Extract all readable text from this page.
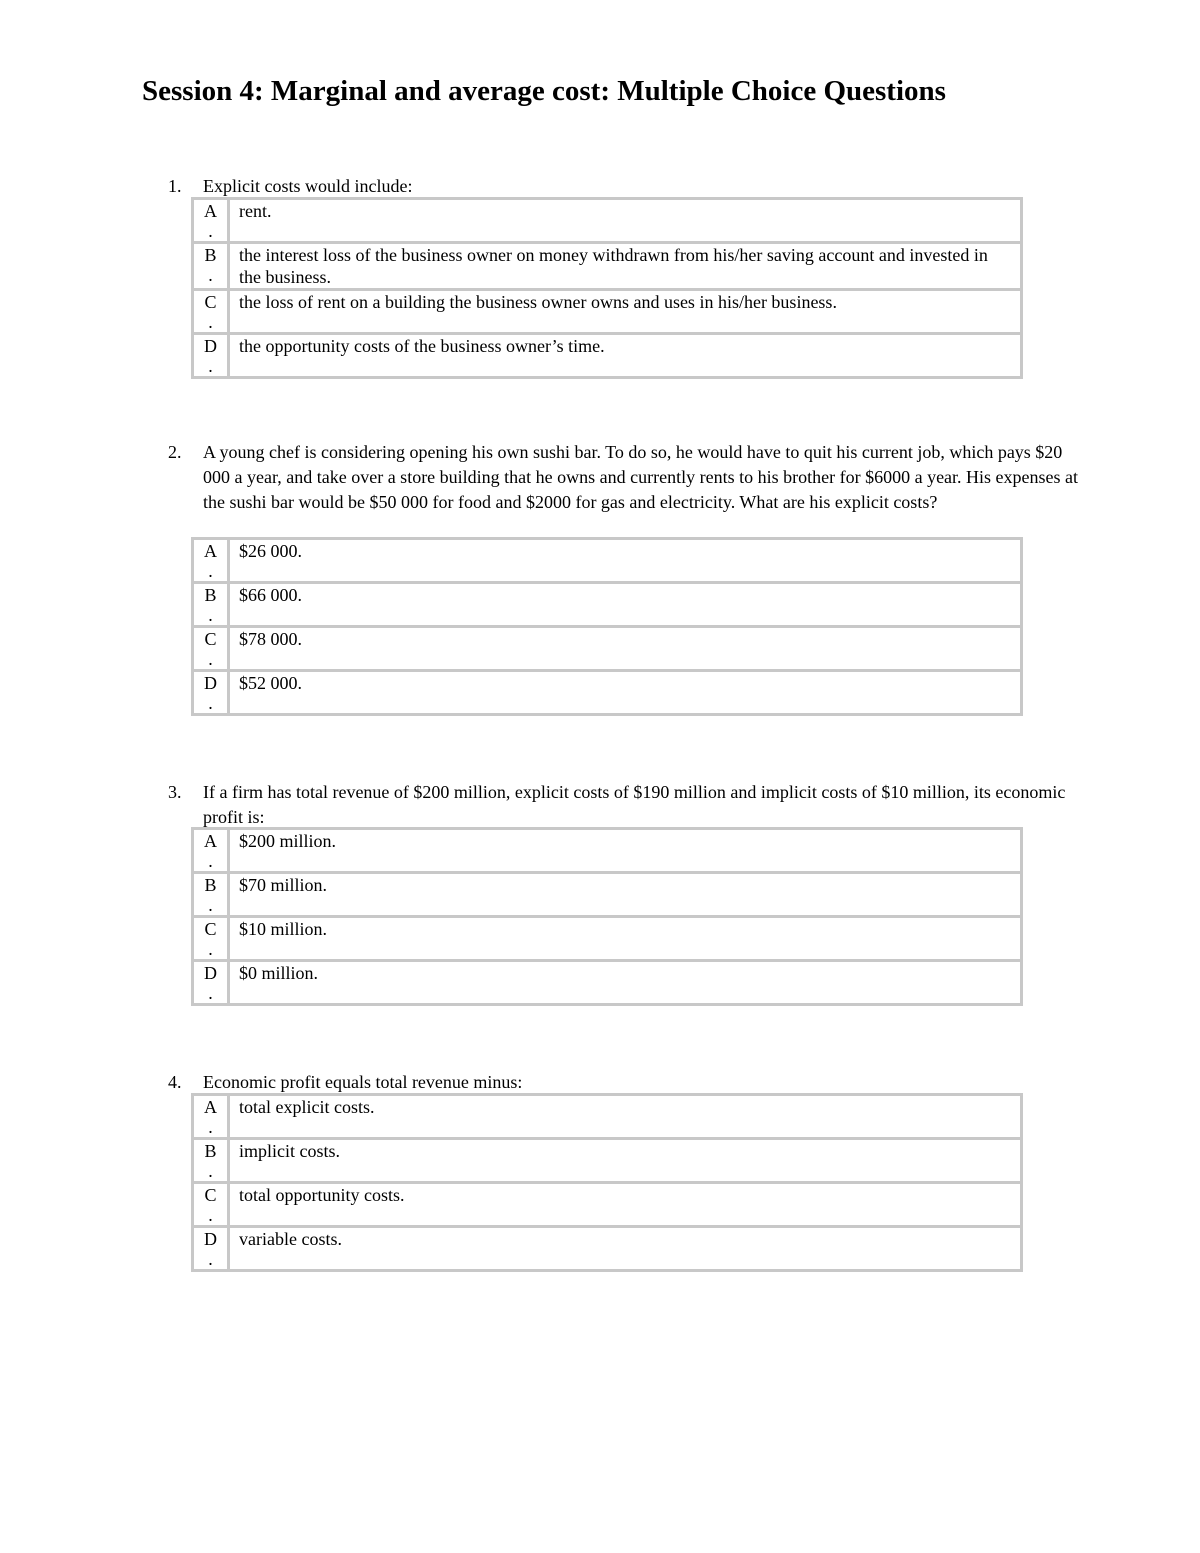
Session 4: Marginal and average cost: Multiple Choice Questions
1. Explicit costs would include:
A
.	rent.

B
.	the interest loss of the business owner on money withdrawn from his/her saving account and invested in the business.

C
.	the loss of rent on a building the business owner owns and uses in his/her business.

D
.	the opportunity costs of the business owner’s time.
2. A young chef is considering opening his own sushi bar. To do so, he would have to quit his current job, which pays $20 000 a year, and take over a store building that he owns and currently rents to his brother for $6000 a year. His expenses at the sushi bar would be $50 000 for food and $2000 for gas and electricity. What are his explicit costs?
A
.	$26 000.

B
.	$66 000.

C
.	$78 000.

D
.	$52 000.
3. If a firm has total revenue of $200 million, explicit costs of $190 million and implicit costs of $10 million, its economic profit is:
A
.	$200 million.

B
.	$70 million.

C
.	$10 million.

D
.	$0 million.
4. Economic profit equals total revenue minus:
A
.	total explicit costs.

B
.	implicit costs.

C
.	total opportunity costs.

D
.	variable costs.
